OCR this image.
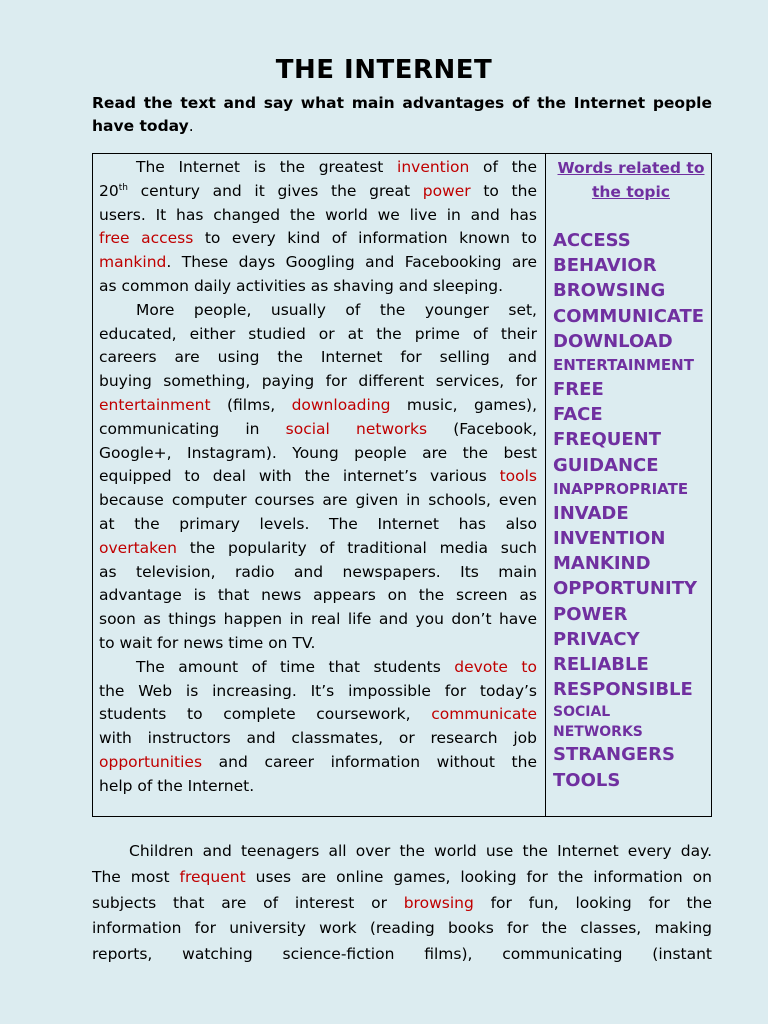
THE INTERNET
Read the text and say what main advantages of the Internet people have today.
The Internet is the greatest invention of the
20th century and it gives the great power to the
users. It has changed the world we live in and has
free access to every kind of information known to
mankind. These days Googling and Facebooking are
as common daily activities as shaving and sleeping.
More people, usually of the younger set,
educated, either studied or at the prime of their
careers are using the Internet for selling and
buying something, paying for different services, for
entertainment (films, downloading music, games),
communicating in social networks (Facebook,
Google+, Instagram). Young people are the best
equipped to deal with the internet’s various tools
because computer courses are given in schools, even
at the primary levels. The Internet has also
overtaken the popularity of traditional media such
as television, radio and newspapers. Its main
advantage is that news appears on the screen as
soon as things happen in real life and you don’t have
to wait for news time on TV.
The amount of time that students devote to
the Web is increasing. It’s impossible for today’s
students to complete coursework, communicate
with instructors and classmates, or research job
opportunities and career information without the
help of the Internet.
Words related to
the topic
ACCESS
BEHAVIOR
BROWSING
COMMUNICATE
DOWNLOAD
ENTERTAINMENT
FREE
FACE
FREQUENT
GUIDANCE
INAPPROPRIATE
INVADE
INVENTION
MANKIND
OPPORTUNITY
POWER
PRIVACY
RELIABLE
RESPONSIBLE
SOCIAL
NETWORKS
STRANGERS
TOOLS
Children and teenagers all over the world use the Internet every day.
The most frequent uses are online games, looking for the information on
subjects that are of interest or browsing for fun, looking for the
information for university work (reading books for the classes, making
reports, watching science-fiction films), communicating (instant
